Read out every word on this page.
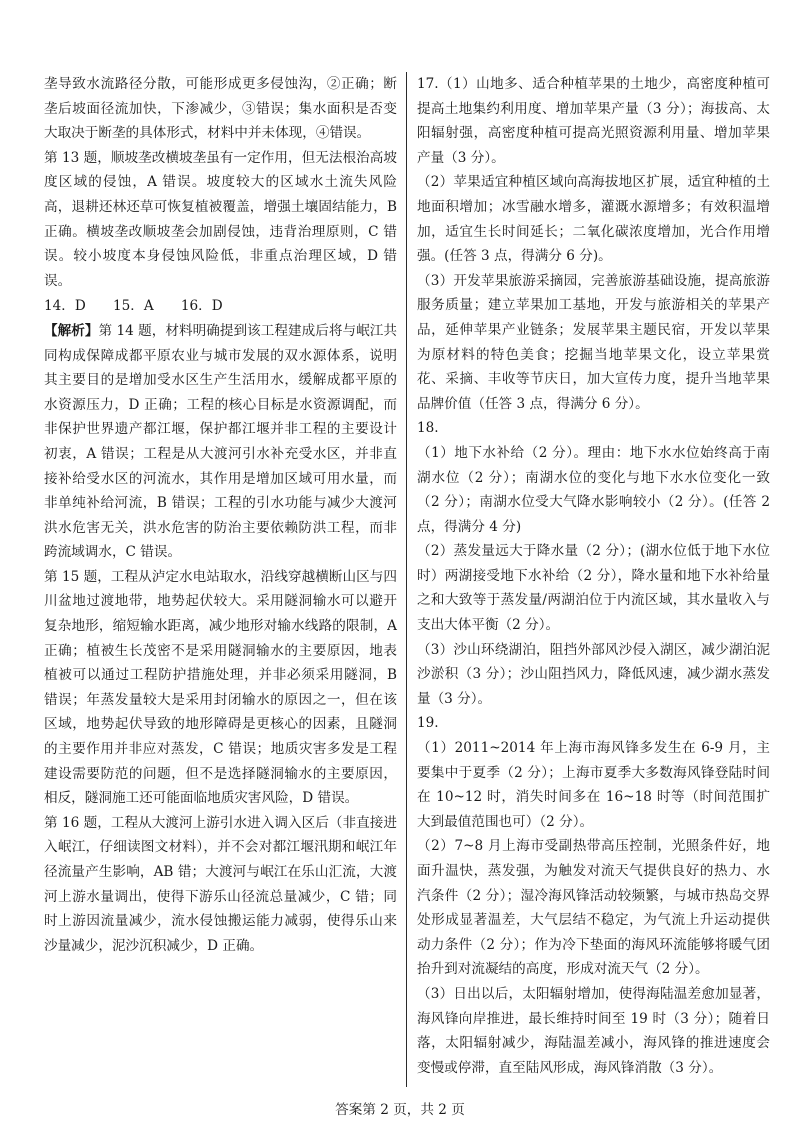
垄导致水流路径分散，可能形成更多侵蚀沟，②正确；断垄后坡面径流加快，下渗减少，③错误；集水面积是否变大取决于断垄的具体形式，材料中并未体现，④错误。

第 13 题，顺坡垄改横坡垄虽有一定作用，但无法根治高坡度区域的侵蚀，A 错误。坡度较大的区域水土流失风险高，退耕还林还草可恢复植被覆盖，增强土壤固结能力，B 正确。横坡垄改顺坡垄会加剧侵蚀，违背治理原则，C 错误。较小坡度本身侵蚀风险低，非重点治理区域，D 错误。

14．D　　15．A　　16．D

【解析】第 14 题，材料明确提到该工程建成后将与岷江共同构成保障成都平原农业与城市发展的双水源体系，说明其主要目的是增加受水区生产生活用水，缓解成都平原的水资源压力，D 正确；工程的核心目标是水资源调配，而非保护世界遗产都江堰，保护都江堰并非工程的主要设计初衷，A 错误；工程是从大渡河引水补充受水区，并非直接补给受水区的河流水，其作用是增加区域可用水量，而非单纯补给河流，B 错误；工程的引水功能与减少大渡河洪水危害无关，洪水危害的防治主要依赖防洪工程，而非跨流域调水，C 错误。

第 15 题，工程从泸定水电站取水，沿线穿越横断山区与四川盆地过渡地带，地势起伏较大。采用隧洞输水可以避开复杂地形，缩短输水距离，减少地形对输水线路的限制，A 正确；植被生长茂密不是采用隧洞输水的主要原因，地表植被可以通过工程防护措施处理，并非必须采用隧洞，B 错误；年蒸发量较大是采用封闭输水的原因之一，但在该区域，地势起伏导致的地形障碍是更核心的因素，且隧洞的主要作用并非应对蒸发，C 错误；地质灾害多发是工程建设需要防范的问题，但不是选择隧洞输水的主要原因，相反，隧洞施工还可能面临地质灾害风险，D 错误。

第 16 题，工程从大渡河上游引水进入调入区后（非直接进入岷江，仔细读图文材料），并不会对都江堰汛期和岷江年径流量产生影响，AB 错；大渡河与岷江在乐山汇流，大渡河上游水量调出，使得下游乐山径流总量减少，C 错；同时上游因流量减少，流水侵蚀搬运能力减弱，使得乐山来沙量减少，泥沙沉积减少，D 正确。

17.（1）山地多、适合种植苹果的土地少，高密度种植可提高土地集约利用度、增加苹果产量（3 分）；海拔高、太阳辐射强，高密度种植可提高光照资源利用量、增加苹果产量（3 分）。

（2）苹果适宜种植区域向高海拔地区扩展，适宜种植的土地面积增加；冰雪融水增多，灌溉水源增多；有效积温增加，适宜生长时间延长；二氧化碳浓度增加，光合作用增强。(任答 3 点，得满分 6 分)。

（3）开发苹果旅游采摘园，完善旅游基础设施，提高旅游服务质量；建立苹果加工基地，开发与旅游相关的苹果产品，延伸苹果产业链条；发展苹果主题民宿，开发以苹果为原材料的特色美食；挖掘当地苹果文化，设立苹果赏花、采摘、丰收等节庆日，加大宣传力度，提升当地苹果品牌价值（任答 3 点，得满分 6 分）。

18.

（1）地下水补给（2 分）。理由：地下水水位始终高于南湖水位（2 分）；南湖水位的变化与地下水水位变化一致（2 分）；南湖水位受大气降水影响较小（2 分）。(任答 2 点，得满分 4 分)

（2）蒸发量远大于降水量（2 分）；(湖水位低于地下水位时）两湖接受地下水补给（2 分），降水量和地下水补给量之和大致等于蒸发量/两湖泊位于内流区域，其水量收入与支出大体平衡（2 分）。

（3）沙山环绕湖泊，阻挡外部风沙侵入湖区，减少湖泊泥沙淤积（3 分）；沙山阻挡风力，降低风速，减少湖水蒸发量（3 分）。

19.

（1）2011~2014 年上海市海风锋多发生在 6-9 月，主要集中于夏季（2 分）；上海市夏季大多数海风锋登陆时间在 10~12 时，消失时间多在 16~18 时等（时间范围扩大到最值范围也可）（2 分）。

（2）7~8 月上海市受副热带高压控制，光照条件好，地面升温快，蒸发强，为触发对流天气提供良好的热力、水汽条件（2 分）；湿冷海风锋活动较频繁，与城市热岛交界处形成显著温差，大气层结不稳定，为气流上升运动提供动力条件（2 分）；作为冷下垫面的海风环流能够将暖气团抬升到对流凝结的高度，形成对流天气（2 分）。

（3）日出以后，太阳辐射增加，使得海陆温差愈加显著，海风锋向岸推进，最长维持时间至 19 时（3 分）；随着日落，太阳辐射减少，海陆温差减小，海风锋的推进速度会变慢或停滞，直至陆风形成，海风锋消散（3 分）。

答案第 2 页，共 2 页
